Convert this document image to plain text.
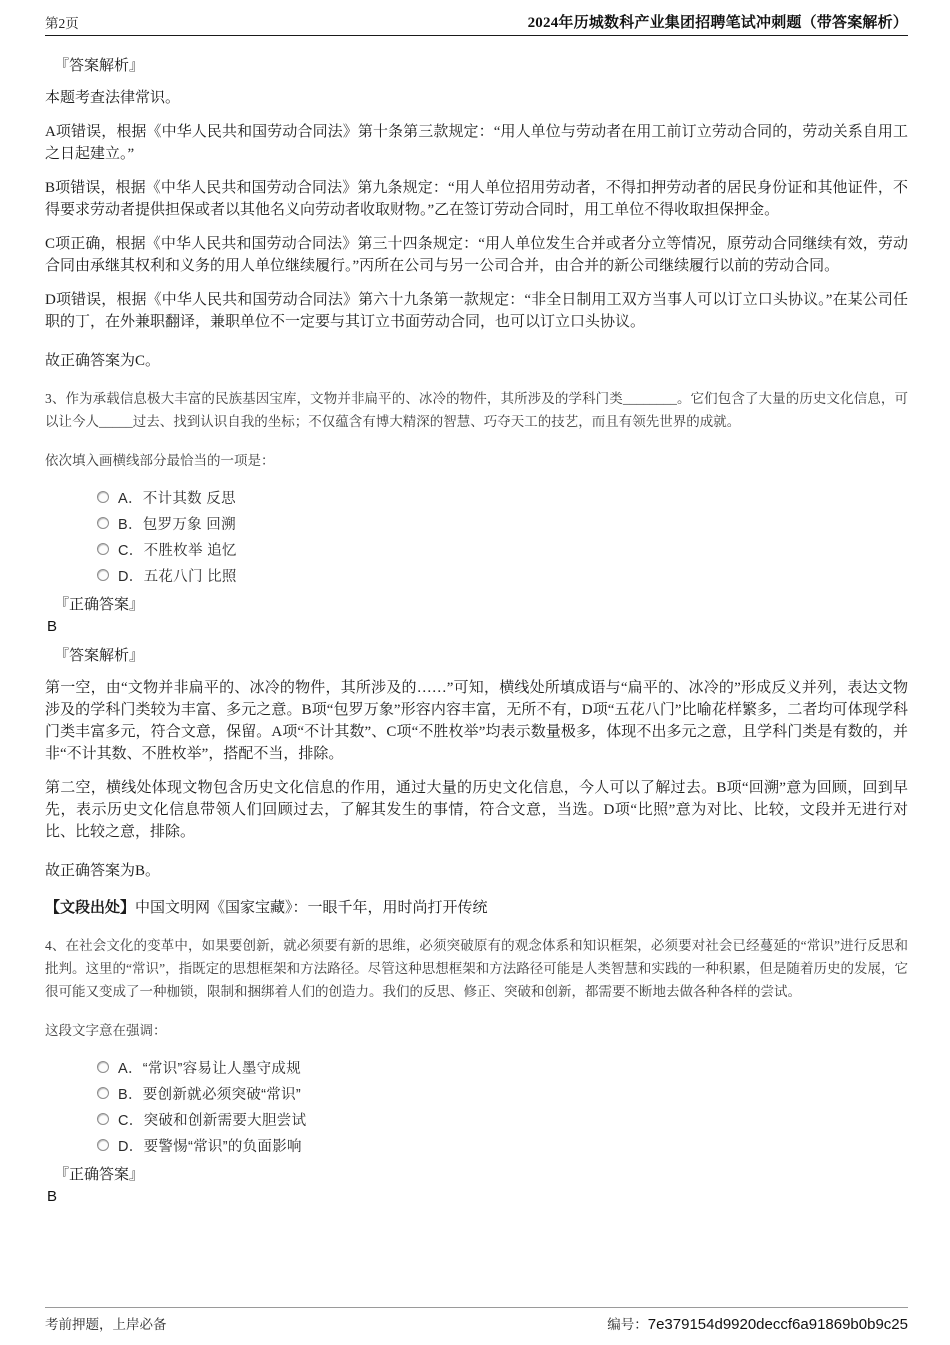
第2页	2024年历城数科产业集团招聘笔试冲刺题（带答案解析）
『答案解析』

本题考查法律常识。

A项错误，根据《中华人民共和国劳动合同法》第十条第三款规定：“用人单位与劳动者在用工前订立劳动合同的，劳动关系自用工之日起建立。”

B项错误，根据《中华人民共和国劳动合同法》第九条规定：“用人单位招用劳动者，不得扣押劳动者的居民身份证和其他证件，不得要求劳动者提供担保或者以其他名义向劳动者收取财物。”乙在签订劳动合同时，用工单位不得收取担保押金。

C项正确，根据《中华人民共和国劳动合同法》第三十四条规定：“用人单位发生合并或者分立等情况，原劳动合同继续有效，劳动合同由承继其权利和义务的用人单位继续履行。”丙所在公司与另一公司合并，由合并的新公司继续履行以前的劳动合同。

D项错误，根据《中华人民共和国劳动合同法》第六十九条第一款规定：“非全日制用工双方当事人可以订立口头协议。”在某公司任职的丁，在外兼职翻译，兼职单位不一定要与其订立书面劳动合同，也可以订立口头协议。

故正确答案为C。

3、作为承载信息极大丰富的民族基因宝库，文物并非扁平的、冰冷的物件，其所涉及的学科门类________。它们包含了大量的历史文化信息，可以让今人_____过去、找到认识自我的坐标；不仅蕴含有博大精深的智慧、巧夺天工的技艺，而且有领先世界的成就。

依次填入画横线部分最恰当的一项是：

A．不计其数 反思
B．包罗万象 回溯
C．不胜枚举 追忆
D．五花八门 比照
『正确答案』
B
『答案解析』

第一空，由“文物并非扁平的、冰冷的物件，其所涉及的……”可知，横线处所填成语与“扁平的、冰冷的”形成反义并列，表达文物涉及的学科门类较为丰富、多元之意。B项“包罗万象”形容内容丰富，无所不有，D项“五花八门”比喻花样繁多，二者均可体现学科门类丰富多元，符合文意，保留。A项“不计其数”、C项“不胜枚举”均表示数量极多，体现不出多元之意，且学科门类是有数的，并非“不计其数、不胜枚举”，搭配不当，排除。

第二空，横线处体现文物包含历史文化信息的作用，通过大量的历史文化信息，今人可以了解过去。B项“回溯”意为回顾，回到早先，表示历史文化信息带领人们回顾过去，了解其发生的事情，符合文意，当选。D项“比照”意为对比、比较，文段并无进行对比、比较之意，排除。

故正确答案为B。

【文段出处】中国文明网《国家宝藏》：一眼千年，用时尚打开传统

4、在社会文化的变革中，如果要创新，就必须要有新的思维，必须突破原有的观念体系和知识框架，必须要对社会已经蔓延的“常识”进行反思和批判。这里的“常识”，指既定的思想框架和方法路径。尽管这种思想框架和方法路径可能是人类智慧和实践的一种积累，但是随着历史的发展，它很可能又变成了一种枷锁，限制和捆绑着人们的创造力。我们的反思、修正、突破和创新，都需要不断地去做各种各样的尝试。

这段文字意在强调：

A．“常识”容易让人墨守成规
B．要创新就必须突破“常识”
C．突破和创新需要大胆尝试
D．要警惕“常识”的负面影响
『正确答案』
B
考前押题，上岸必备	编号：7e379154d9920deccf6a91869b0b9c25
